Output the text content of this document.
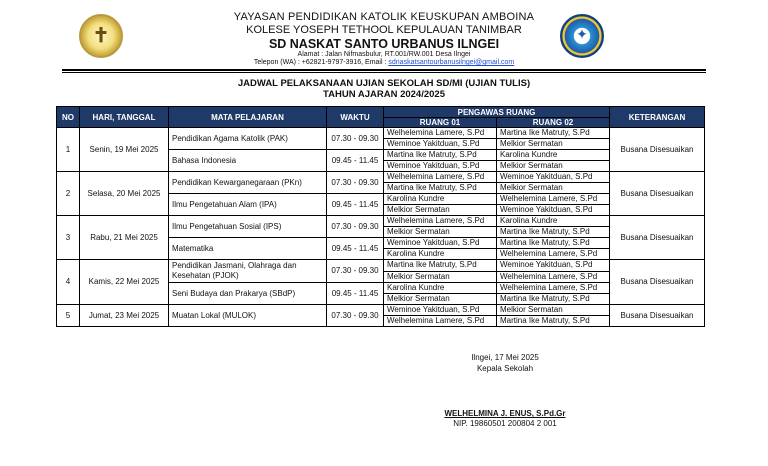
✝	✦
YAYASAN PENDIDIKAN KATOLIK KEUSKUPAN AMBOINA
KOLESE YOSEPH TETHOOL KEPULAUAN TANIMBAR
SD NASKAT SANTO URBANUS ILNGEI
Alamat : Jalan Nifmasbulur, RT.001/RW.001 Desa Ilngei
Telepon (WA) : +62821-9797-3916, Email : sdnaskatsantourbanusilngei@gmail.com
JADWAL PELAKSANAAN UJIAN SEKOLAH SD/MI (UJIAN TULIS)
TAHUN AJARAN 2024/2025
NO	HARI, TANGGAL	MATA PELAJARAN	WAKTU	PENGAWAS RUANG		KETERANGAN
				RUANG 01	RUANG 02	
1	Senin, 19 Mei 2025	Pendidikan Agama Katolik (PAK)	07.30 - 09.30	Welhelemina Lamere, S.Pd	Martina Ike Matruty, S.Pd	Busana Disesuaikan
				Weminoe Yakitduan, S.Pd	Melkior Sermatan	
		Bahasa Indonesia	09.45 - 11.45	Martina Ike Matruty, S.Pd	Karolina Kundre	
				Weminoe Yakitduan, S.Pd	Melkior Sermatan	
2	Selasa, 20 Mei 2025	Pendidikan Kewarganegaraan (PKn)	07.30 - 09.30	Welhelemina Lamere, S.Pd	Weminoe Yakitduan, S.Pd	Busana Disesuaikan
				Martina Ike Matruty, S.Pd	Melkior Sermatan	
		Ilmu Pengetahuan Alam (IPA)	09.45 - 11.45	Karolina Kundre	Welhelemina Lamere, S.Pd	
				Melkior Sermatan	Weminoe Yakitduan, S.Pd	
3	Rabu, 21 Mei 2025	Ilmu Pengetahuan Sosial (IPS)	07.30 - 09.30	Welhelemina Lamere, S.Pd	Karolina Kundre	Busana Disesuaikan
				Melkior Sermatan	Martina Ike Matruty, S.Pd	
		Matematika	09.45 - 11.45	Weminoe Yakitduan, S.Pd	Martina Ike Matruty, S.Pd	
				Karolina Kundre	Welhelemina Lamere, S.Pd	
4	Kamis, 22 Mei 2025	Pendidikan Jasmani, Olahraga dan Kesehatan (PJOK)	07.30 - 09.30	Martina Ike Matruty, S.Pd	Weminoe Yakitduan, S.Pd	Busana Disesuaikan
				Melkior Sermatan	Welhelemina Lamere, S.Pd	
		Seni Budaya dan Prakarya (SBdP)	09.45 - 11.45	Karolina Kundre	Welhelemina Lamere, S.Pd	
				Melkior Sermatan	Martina Ike Matruty, S.Pd	
5	Jumat, 23 Mei 2025	Muatan Lokal (MULOK)	07.30 - 09.30	Weminoe Yakitduan, S.Pd	Melkior Sermatan	Busana Disesuaikan
				Welhelemina Lamere, S.Pd	Martina Ike Matruty, S.Pd	
Ilngei, 17 Mei 2025
Kepala Sekolah
WELHELMINA J. ENUS, S.Pd.Gr
NIP. 19860501 200804 2 001
